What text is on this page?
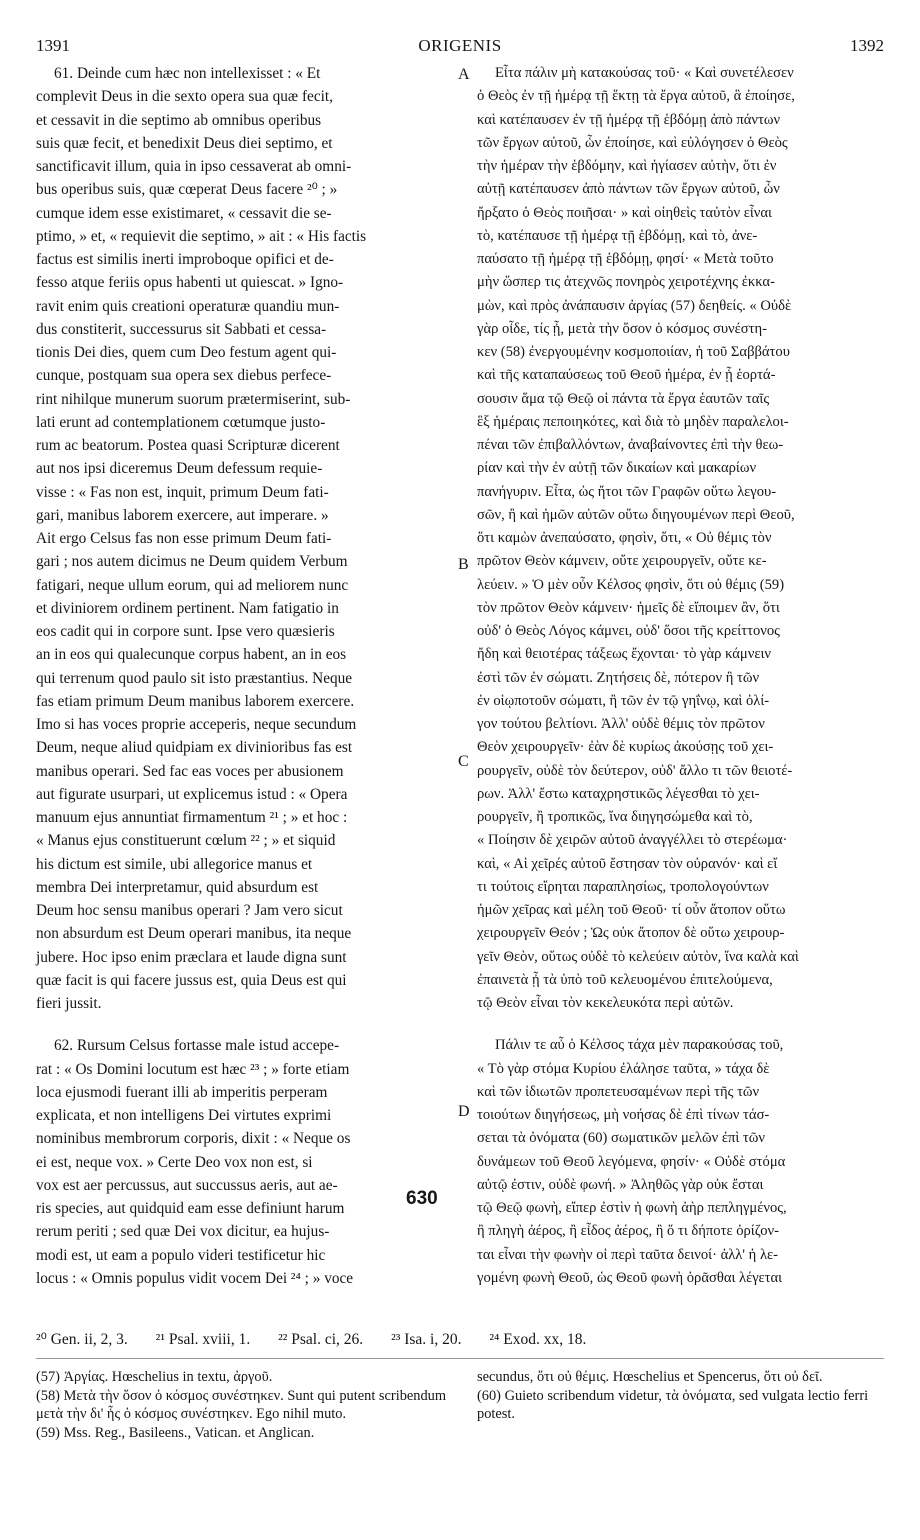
1391	ORIGENIS	1392

61. Deinde cum hæc non intellexisset : « Et
complevit Deus in die sexto opera sua quæ fecit,
et cessavit in die septimo ab omnibus operibus
suis quæ fecit, et benedixit Deus diei septimo, et
sanctificavit illum, quia in ipso cessaverat ab omni-
bus operibus suis, quæ cœperat Deus facere ²⁰ ; »
cumque idem esse existimaret, « cessavit die se-
ptimo, » et, « requievit die septimo, » ait : « His factis
factus est similis inerti improboque opifici et de-
fesso atque feriis opus habenti ut quiescat. » Igno-
ravit enim quis creationi operaturæ quandiu mun-
dus constiterit, successurus sit Sabbati et cessa-
tionis Dei dies, quem cum Deo festum agent qui-
cunque, postquam sua opera sex diebus perfece-
rint nihilque munerum suorum prætermiserint, sub-
lati erunt ad contemplationem cœtumque justo-
rum ac beatorum. Postea quasi Scripturæ dicerent
aut nos ipsi diceremus Deum defessum requie-
visse : « Fas non est, inquit, primum Deum fati-
gari, manibus laborem exercere, aut imperare. »
Ait ergo Celsus fas non esse primum Deum fati-
gari ; nos autem dicimus ne Deum quidem Verbum
fatigari, neque ullum eorum, qui ad meliorem nunc
et diviniorem ordinem pertinent. Nam fatigatio in
eos cadit qui in corpore sunt. Ipse vero quæsieris
an in eos qui qualecunque corpus habent, an in eos
qui terrenum quod paulo sit isto præstantius. Neque
fas etiam primum Deum manibus laborem exercere.
Imo si has voces proprie acceperis, neque secundum
Deum, neque aliud quidpiam ex divinioribus fas est
manibus operari. Sed fac eas voces per abusionem
aut figurate usurpari, ut explicemus istud : « Opera
manuum ejus annuntiat firmamentum ²¹ ; » et hoc :
« Manus ejus constituerunt cœlum ²² ; » et siquid
his dictum est simile, ubi allegorice manus et
membra Dei interpretamur, quid absurdum est
Deum hoc sensu manibus operari ? Jam vero sicut
non absurdum est Deum operari manibus, ita neque
jubere. Hoc ipso enim præclara et laude digna sunt
quæ facit is qui facere jussus est, quia Deus est qui
fieri jussit.

62. Rursum Celsus fortasse male istud accepe-
rat : « Os Domini locutum est hæc ²³ ; » forte etiam
loca ejusmodi fuerant illi ab imperitis perperam
explicata, et non intelligens Dei virtutes exprimi
nominibus membrorum corporis, dixit : « Neque os
ei est, neque vox. » Certe Deo vox non est, si
vox est aer percussus, aut succussus aeris, aut ae-
ris species, aut quidquid eam esse definiunt harum
rerum periti ; sed quæ Dei vox dicitur, ea hujus-
modi est, ut eam a populo videri testificetur hic
locus : « Omnis populus vidit vocem Dei ²⁴ ; » voce

Εἶτα πάλιν μὴ κατακούσας τοῦ· « Καὶ συνετέλεσεν
ὁ Θεὸς ἐν τῇ ἡμέρᾳ τῇ ἕκτῃ τὰ ἔργα αὐτοῦ, ἃ ἐποίησε,
καὶ κατέπαυσεν ἐν τῇ ἡμέρᾳ τῇ ἑβδόμῃ ἀπὸ πάντων
τῶν ἔργων αὐτοῦ, ὧν ἐποίησε, καὶ εὐλόγησεν ὁ Θεὸς
τὴν ἡμέραν τὴν ἑβδόμην, καὶ ἡγίασεν αὐτὴν, ὅτι ἐν
αὐτῇ κατέπαυσεν ἀπὸ πάντων τῶν ἔργων αὐτοῦ, ὧν
ἤρξατο ὁ Θεὸς ποιῆσαι· » καὶ οἰηθεὶς ταὐτὸν εἶναι
τὸ, κατέπαυσε τῇ ἡμέρᾳ τῇ ἑβδόμῃ, καὶ τὸ, ἀνε-
παύσατο τῇ ἡμέρᾳ τῇ ἑβδόμῃ, φησί· « Μετὰ τοῦτο
μὴν ὥσπερ τις ἀτεχνῶς πονηρὸς χειροτέχνης ἐκκα-
μὼν, καὶ πρὸς ἀνάπαυσιν ἀργίας (57) δεηθείς. « Οὐδὲ
γὰρ οἶδε, τίς ᾖ, μετὰ τὴν ὅσον ὁ κόσμος συνέστη-
κεν (58) ἐνεργουμένην κοσμοποιίαν, ἡ τοῦ Σαββάτου
καὶ τῆς καταπαύσεως τοῦ Θεοῦ ἡμέρα, ἐν ᾗ ἑορτά-
σουσιν ἅμα τῷ Θεῷ οἱ πάντα τὰ ἔργα ἑαυτῶν ταῖς
ἓξ ἡμέραις πεποιηκότες, καὶ διὰ τὸ μηδὲν παραλελοι-
πέναι τῶν ἐπιβαλλόντων, ἀναβαίνοντες ἐπὶ τὴν θεω-
ρίαν καὶ τὴν ἐν αὐτῇ τῶν δικαίων καὶ μακαρίων
πανήγυριν. Εἶτα, ὡς ἤτοι τῶν Γραφῶν οὕτω λεγου-
σῶν, ἢ καὶ ἡμῶν αὐτῶν οὕτω διηγουμένων περὶ Θεοῦ,
ὅτι καμὼν ἀνεπαύσατο, φησὶν, ὅτι, « Οὐ θέμις τὸν
πρῶτον Θεὸν κάμνειν, οὔτε χειρουργεῖν, οὔτε κε-
λεύειν. » Ὁ μὲν οὖν Κέλσος φησὶν, ὅτι οὐ θέμις (59)
τὸν πρῶτον Θεὸν κάμνειν· ἡμεῖς δὲ εἴποιμεν ἂν, ὅτι
οὐδ' ὁ Θεὸς Λόγος κάμνει, οὐδ' ὅσοι τῆς κρείττονος
ἤδη καὶ θειοτέρας τάξεως ἔχονται· τὸ γὰρ κάμνειν
ἐστὶ τῶν ἐν σώματι. Ζητήσεις δὲ, πότερον ἢ τῶν
ἐν οἱῳποτοῦν σώματι, ἢ τῶν ἐν τῷ γηΐνῳ, καὶ ὀλί-
γον τούτου βελτίονι. Ἀλλ' οὐδὲ θέμις τὸν πρῶτον
Θεὸν χειρουργεῖν· ἐὰν δὲ κυρίως ἀκούσῃς τοῦ χει-
ρουργεῖν, οὐδὲ τὸν δεύτερον, οὐδ' ἄλλο τι τῶν θειοτέ-
ρων. Ἀλλ' ἔστω καταχρηστικῶς λέγεσθαι τὸ χει-
ρουργεῖν, ἢ τροπικῶς, ἵνα διηγησώμεθα καὶ τὸ,
« Ποίησιν δὲ χειρῶν αὐτοῦ ἀναγγέλλει τὸ στερέωμα·
καὶ, « Αἱ χεῖρές αὐτοῦ ἔστησαν τὸν οὐρανόν· καὶ εἴ
τι τούτοις εἴρηται παραπλησίως, τροπολογούντων
ἡμῶν χεῖρας καὶ μέλη τοῦ Θεοῦ· τί οὖν ἄτοπον οὕτω
χειρουργεῖν Θεόν ; Ὡς οὐκ ἄτοπον δὲ οὕτω χειρουρ-
γεῖν Θεὸν, οὕτως οὐδὲ τὸ κελεύειν αὐτὸν, ἵνα καλὰ καὶ
ἐπαινετὰ ᾖ τὰ ὑπὸ τοῦ κελευομένου ἐπιτελούμενα,
τῷ Θεὸν εἶναι τὸν κεκελευκότα περὶ αὐτῶν.

Πάλιν τε αὖ ὁ Κέλσος τάχα μὲν παρακούσας τοῦ,
« Τὸ γὰρ στόμα Κυρίου ἐλάλησε ταῦτα, » τάχα δὲ
καὶ τῶν ἰδιωτῶν προπετευσαμένων περὶ τῆς τῶν
τοιούτων διηγήσεως, μὴ νοήσας δὲ ἐπὶ τίνων τάσ-
σεται τὰ ὀνόματα (60) σωματικῶν μελῶν ἐπὶ τῶν
δυνάμεων τοῦ Θεοῦ λεγόμενα, φησίν· « Οὐδὲ στόμα
αὐτῷ ἐστιν, οὐδὲ φωνή. » Ἀληθῶς γὰρ οὐκ ἔσται
τῷ Θεῷ φωνὴ, εἴπερ ἐστὶν ἡ φωνὴ ἀὴρ πεπληγμένος,
ἢ πληγὴ ἀέρος, ἢ εἶδος ἀέρος, ἢ ὅ τι δήποτε ὁρίζον-
ται εἶναι τὴν φωνὴν οἱ περὶ ταῦτα δεινοί· ἀλλ' ἡ λε-
γομένη φωνὴ Θεοῦ, ὡς Θεοῦ φωνὴ ὁρᾶσθαι λέγεται

A
B
C
D
630
²⁰ Gen. ii, 2, 3. ²¹ Psal. xviii, 1. ²² Psal. ci, 26. ²³ Isa. i, 20. ²⁴ Exod. xx, 18.

(57) Ἀργίας. Hœschelius in textu, ἀργοῦ.

(58) Μετὰ τὴν ὅσον ὁ κόσμος συνέστηκεν. Sunt qui putent scribendum μετὰ τὴν δι' ἧς ὁ κόσμος συνέστηκεν. Ego nihil muto.

(59) Mss. Reg., Basileens., Vatican. et Anglican.

secundus, ὅτι οὐ θέμις. Hœschelius et Spencerus, ὅτι οὐ δεῖ.

(60) Guieto scribendum videtur, τὰ ὀνόματα, sed vulgata lectio ferri potest.
